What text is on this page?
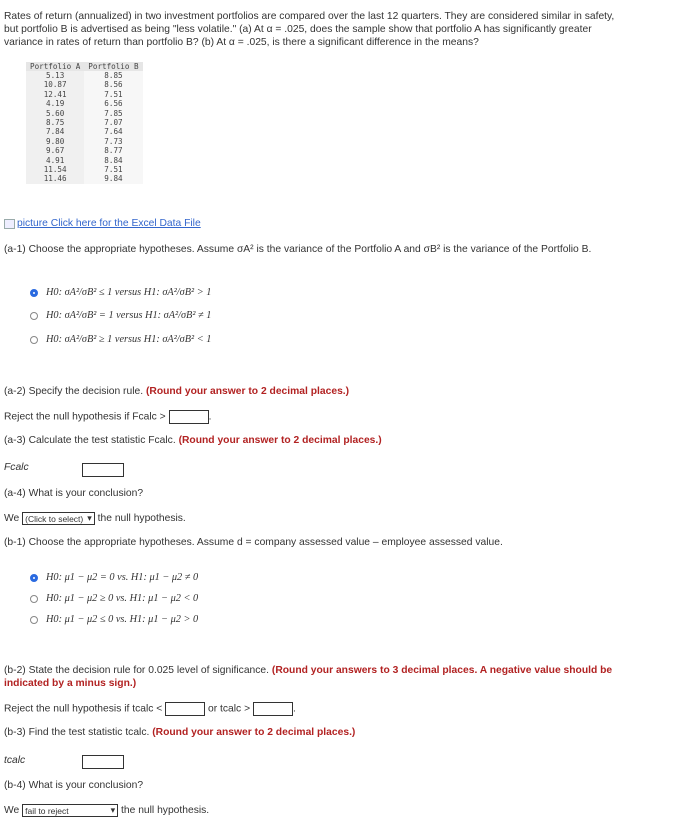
Rates of return (annualized) in two investment portfolios are compared over the last 12 quarters. They are considered similar in safety,
but portfolio B is advertised as being "less volatile." (a) At α = .025, does the sample show that portfolio A has significantly greater
variance in rates of return than portfolio B? (b) At α = .025, is there a significant difference in the means?
Portfolio A	Portfolio B
5.13	8.85
10.87	8.56
12.41	7.51
4.19	6.56
5.60	7.85
8.75	7.07
7.84	7.64
9.80	7.73
9.67	8.77
4.91	8.84
11.54	7.51
11.46	9.84
picture Click here for the Excel Data File
(a-1) Choose the appropriate hypotheses. Assume σA² is the variance of the Portfolio A and σB² is the variance of the Portfolio B.
H0: σA²/σB² ≤ 1 versus H1: σA²/σB² > 1
H0: σA²/σB² = 1 versus H1: σA²/σB² ≠ 1
H0: σA²/σB² ≥ 1 versus H1: σA²/σB² < 1
(a-2) Specify the decision rule. (Round your answer to 2 decimal places.)
Reject the null hypothesis if Fcalc >	.
(a-3) Calculate the test statistic Fcalc. (Round your answer to 2 decimal places.)
Fcalc
(a-4) What is your conclusion?
We (Click to select) ▾ the null hypothesis.
(b-1) Choose the appropriate hypotheses. Assume d = company assessed value – employee assessed value.
H0: μ1 − μ2 = 0 vs. H1: μ1 − μ2 ≠ 0
H0: μ1 − μ2 ≥ 0 vs. H1: μ1 − μ2 < 0
H0: μ1 − μ2 ≤ 0 vs. H1: μ1 − μ2 > 0
(b-2) State the decision rule for 0.025 level of significance. (Round your answers to 3 decimal places. A negative value should be
indicated by a minus sign.)
Reject the null hypothesis if tcalc <	or tcalc >	.
(b-3) Find the test statistic tcalc. (Round your answer to 2 decimal places.)
tcalc
(b-4) What is your conclusion?
We fail to reject	▾ the null hypothesis.
